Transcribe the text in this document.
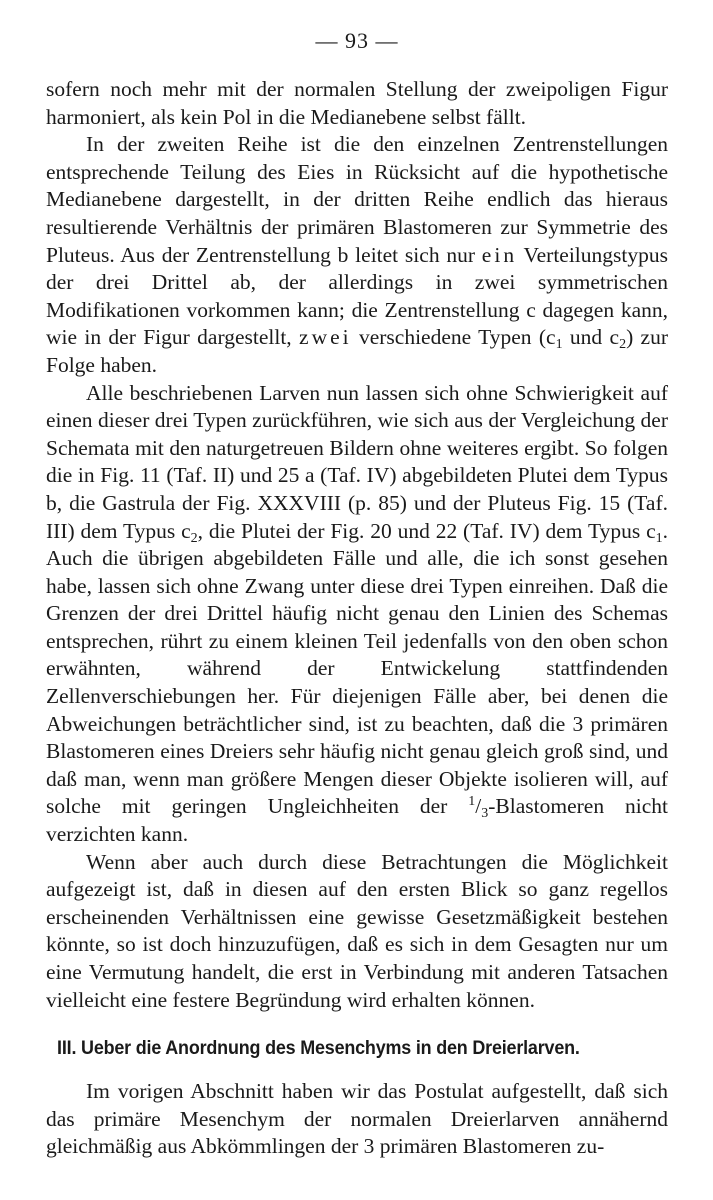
— 93 —

sofern noch mehr mit der normalen Stellung der zweipoligen Figur harmoniert, als kein Pol in die Medianebene selbst fällt.

In der zweiten Reihe ist die den einzelnen Zentrenstellungen entsprechende Teilung des Eies in Rücksicht auf die hypothetische Medianebene dargestellt, in der dritten Reihe endlich das hieraus resultierende Verhältnis der primären Blastomeren zur Symmetrie des Pluteus. Aus der Zentrenstellung b leitet sich nur ein Verteilungstypus der drei Drittel ab, der allerdings in zwei symmetrischen Modifikationen vorkommen kann; die Zentrenstellung c dagegen kann, wie in der Figur dargestellt, zwei verschiedene Typen ($c_1$ und $c_2$) zur Folge haben.

Alle beschriebenen Larven nun lassen sich ohne Schwierigkeit auf einen dieser drei Typen zurückführen, wie sich aus der Vergleichung der Schemata mit den naturgetreuen Bildern ohne weiteres ergibt. So folgen die in Fig. 11 (Taf. II) und 25 a (Taf. IV) abgebildeten Plutei dem Typus b, die Gastrula der Fig. XXXVIII (p. 85) und der Pluteus Fig. 15 (Taf. III) dem Typus $c_2$, die Plutei der Fig. 20 und 22 (Taf. IV) dem Typus $c_1$. Auch die übrigen abgebildeten Fälle und alle, die ich sonst gesehen habe, lassen sich ohne Zwang unter diese drei Typen einreihen. Daß die Grenzen der drei Drittel häufig nicht genau den Linien des Schemas entsprechen, rührt zu einem kleinen Teil jedenfalls von den oben schon erwähnten, während der Entwickelung stattfindenden Zellenverschiebungen her. Für diejenigen Fälle aber, bei denen die Abweichungen beträchtlicher sind, ist zu beachten, daß die 3 primären Blastomeren eines Dreiers sehr häufig nicht genau gleich groß sind, und daß man, wenn man größere Mengen dieser Objekte isolieren will, auf solche mit geringen Ungleichheiten der $^1/_3$-Blastomeren nicht verzichten kann.

Wenn aber auch durch diese Betrachtungen die Möglichkeit aufgezeigt ist, daß in diesen auf den ersten Blick so ganz regellos erscheinenden Verhältnissen eine gewisse Gesetzmäßigkeit bestehen könnte, so ist doch hinzuzufügen, daß es sich in dem Gesagten nur um eine Vermutung handelt, die erst in Verbindung mit anderen Tatsachen vielleicht eine festere Begründung wird erhalten können.

III. Ueber die Anordnung des Mesenchyms in den Dreierlarven.

Im vorigen Abschnitt haben wir das Postulat aufgestellt, daß sich das primäre Mesenchym der normalen Dreierlarven annähernd gleichmäßig aus Abkömmlingen der 3 primären Blastomeren zu-
